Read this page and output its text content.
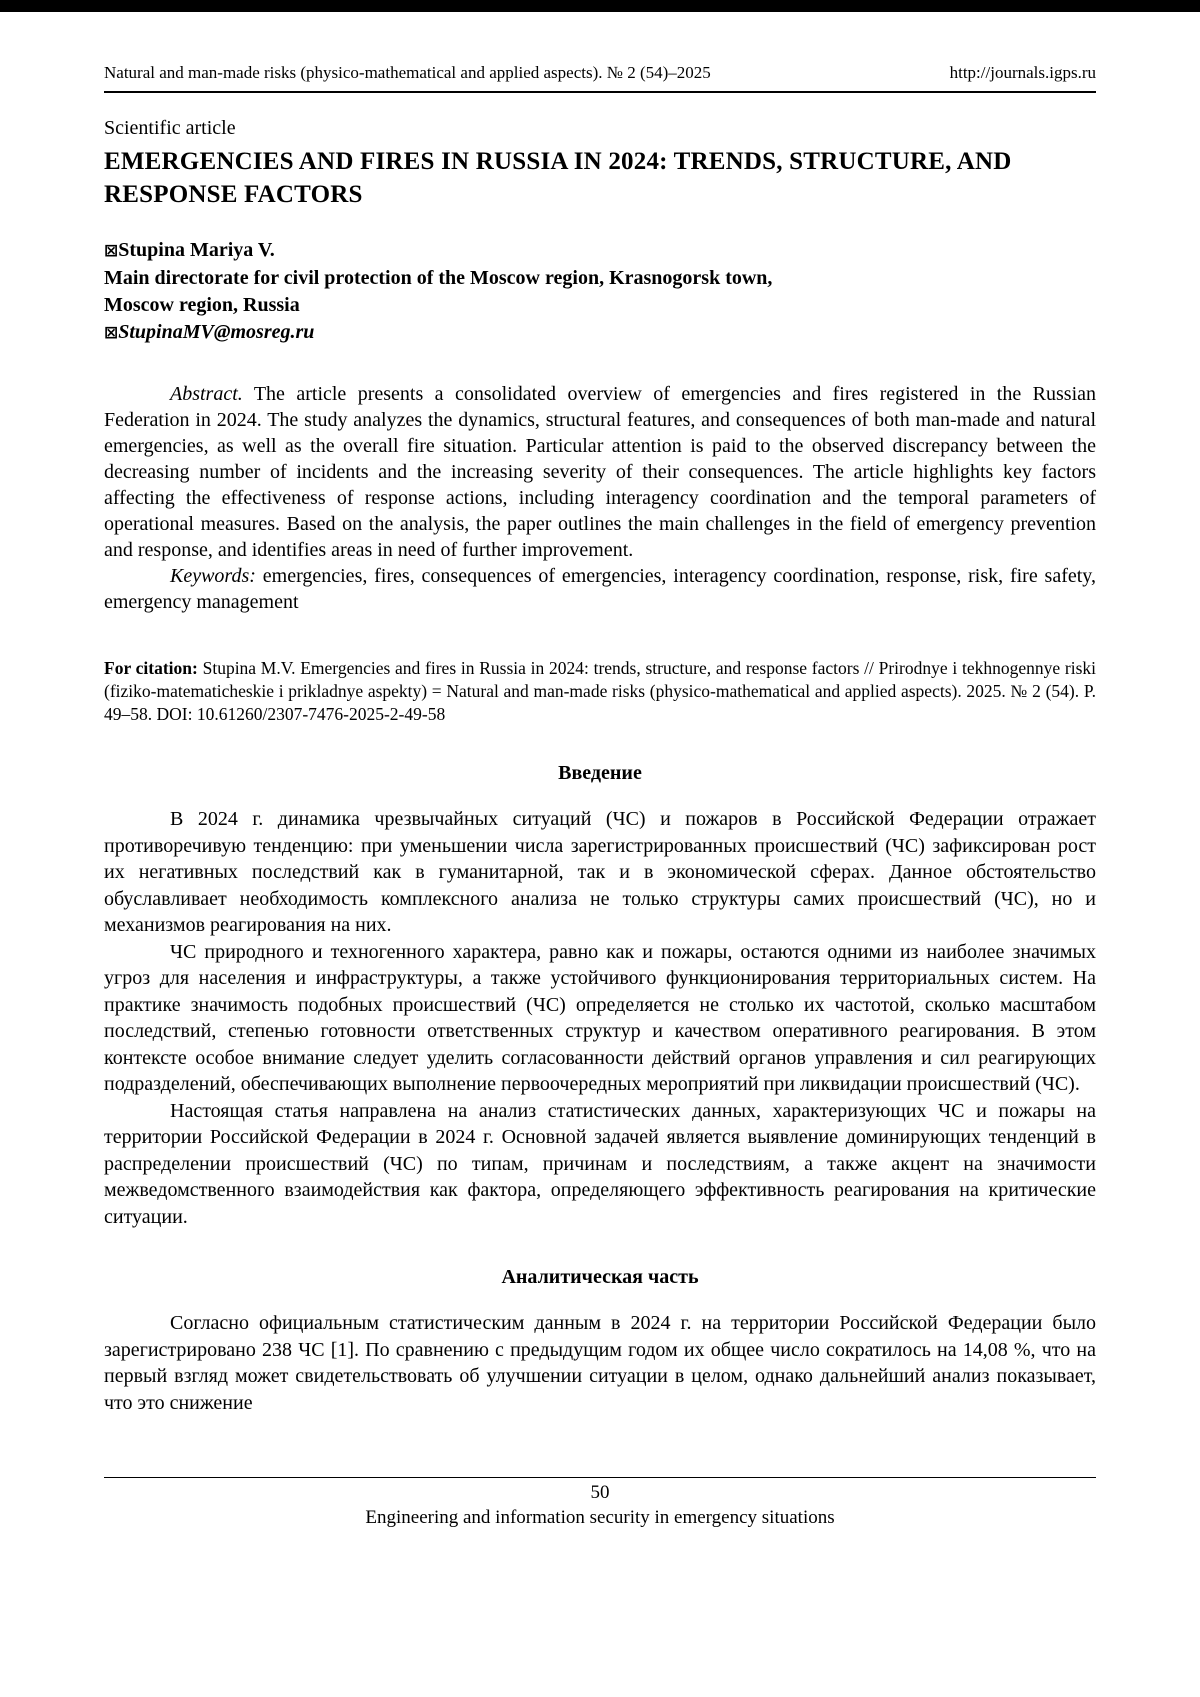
Natural and man-made risks (physico-mathematical and applied aspects). № 2 (54)–2025	http://journals.igps.ru

Scientific article

EMERGENCIES AND FIRES IN RUSSIA IN 2024: TRENDS, STRUCTURE, AND RESPONSE FACTORS

⊠Stupina Mariya V.

Main directorate for civil protection of the Moscow region, Krasnogorsk town,

Moscow region, Russia

⊠StupinaMV@mosreg.ru

Abstract. The article presents a consolidated overview of emergencies and fires registered in the Russian Federation in 2024. The study analyzes the dynamics, structural features, and consequences of both man-made and natural emergencies, as well as the overall fire situation. Particular attention is paid to the observed discrepancy between the decreasing number of incidents and the increasing severity of their consequences. The article highlights key factors affecting the effectiveness of response actions, including interagency coordination and the temporal parameters of operational measures. Based on the analysis, the paper outlines the main challenges in the field of emergency prevention and response, and identifies areas in need of further improvement.

Keywords: emergencies, fires, consequences of emergencies, interagency coordination, response, risk, fire safety, emergency management

For citation: Stupina M.V. Emergencies and fires in Russia in 2024: trends, structure, and response factors // Prirodnye i tekhnogennye riski (fiziko-matematicheskie i prikladnye aspekty) = Natural and man-made risks (physico-mathematical and applied aspects). 2025. № 2 (54). P. 49–58. DOI: 10.61260/2307-7476-2025-2-49-58

Введение

В 2024 г. динамика чрезвычайных ситуаций (ЧС) и пожаров в Российской Федерации отражает противоречивую тенденцию: при уменьшении числа зарегистрированных происшествий (ЧС) зафиксирован рост их негативных последствий как в гуманитарной, так и в экономической сферах. Данное обстоятельство обуславливает необходимость комплексного анализа не только структуры самих происшествий (ЧС), но и механизмов реагирования на них.

ЧС природного и техногенного характера, равно как и пожары, остаются одними из наиболее значимых угроз для населения и инфраструктуры, а также устойчивого функционирования территориальных систем. На практике значимость подобных происшествий (ЧС) определяется не столько их частотой, сколько масштабом последствий, степенью готовности ответственных структур и качеством оперативного реагирования. В этом контексте особое внимание следует уделить согласованности действий органов управления и сил реагирующих подразделений, обеспечивающих выполнение первоочередных мероприятий при ликвидации происшествий (ЧС).

Настоящая статья направлена на анализ статистических данных, характеризующих ЧС и пожары на территории Российской Федерации в 2024 г. Основной задачей является выявление доминирующих тенденций в распределении происшествий (ЧС) по типам, причинам и последствиям, а также акцент на значимости межведомственного взаимодействия как фактора, определяющего эффективность реагирования на критические ситуации.

Аналитическая часть

Согласно официальным статистическим данным в 2024 г. на территории Российской Федерации было зарегистрировано 238 ЧС [1]. По сравнению с предыдущим годом их общее число сократилось на 14,08 %, что на первый взгляд может свидетельствовать об улучшении ситуации в целом, однако дальнейший анализ показывает, что это снижение

50
Engineering and information security in emergency situations
